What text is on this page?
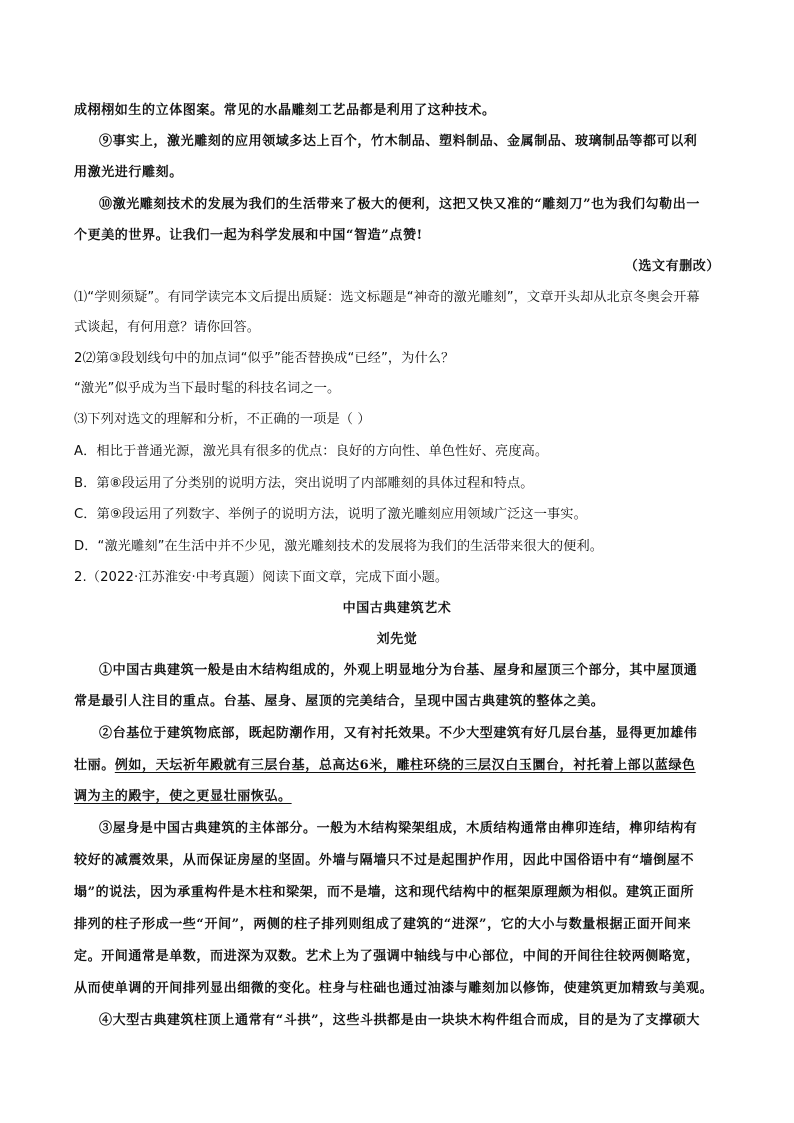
成栩栩如生的立体图案。常见的水晶雕刻工艺品都是利用了这种技术。
⑨事实上，激光雕刻的应用领域多达上百个，竹木制品、塑料制品、金属制品、玻璃制品等都可以利
用激光进行雕刻。
⑩激光雕刻技术的发展为我们的生活带来了极大的便利，这把又快又准的“雕刻刀”也为我们勾勒出一
个更美的世界。让我们一起为科学发展和中国“智造”点赞!
（选文有删改）
⑴“学则须疑”。有同学读完本文后提出质疑：选文标题是“神奇的激光雕刻”，文章开头却从北京冬奥会开幕
式谈起，有何用意？请你回答。
2⑵第③段划线句中的加点词“似乎”能否替换成“已经”，为什么？
“激光”似乎成为当下最时髦的科技名词之一。
⑶下列对选文的理解和分析，不正确的一项是（ ）
A．相比于普通光源，激光具有很多的优点：良好的方向性、单色性好、亮度高。
B．第⑧段运用了分类别的说明方法，突出说明了内部雕刻的具体过程和特点。
C．第⑨段运用了列数字、举例子的说明方法，说明了激光雕刻应用领域广泛这一事实。
D．“激光雕刻”在生活中并不少见，激光雕刻技术的发展将为我们的生活带来很大的便利。
2.（2022·江苏淮安·中考真题）阅读下面文章，完成下面小题。
中国古典建筑艺术
刘先觉
①中国古典建筑一般是由木结构组成的，外观上明显地分为台基、屋身和屋顶三个部分，其中屋顶通
常是最引人注目的重点。台基、屋身、屋顶的完美结合，呈现中国古典建筑的整体之美。
②台基位于建筑物底部，既起防潮作用，又有衬托效果。不少大型建筑有好几层台基，显得更加雄伟
壮丽。例如，天坛祈年殿就有三层台基，总高达6米，雕柱环绕的三层汉白玉圜台，衬托着上部以蓝绿色
调为主的殿宇，使之更显壮丽恢弘。
③屋身是中国古典建筑的主体部分。一般为木结构梁架组成，木质结构通常由榫卯连结，榫卯结构有
较好的减震效果，从而保证房屋的坚固。外墙与隔墙只不过是起围护作用，因此中国俗语中有“墙倒屋不
塌”的说法，因为承重构件是木柱和梁架，而不是墙，这和现代结构中的框架原理颇为相似。建筑正面所
排列的柱子形成一些“开间”，两侧的柱子排列则组成了建筑的“进深”，它的大小与数量根据正面开间来
定。开间通常是单数，而进深为双数。艺术上为了强调中轴线与中心部位，中间的开间往往较两侧略宽，
从而使单调的开间排列显出细微的变化。柱身与柱础也通过油漆与雕刻加以修饰，使建筑更加精致与美观。
④大型古典建筑柱顶上通常有“斗拱”，这些斗拱都是由一块块木构件组合而成，目的是为了支撑硕大
